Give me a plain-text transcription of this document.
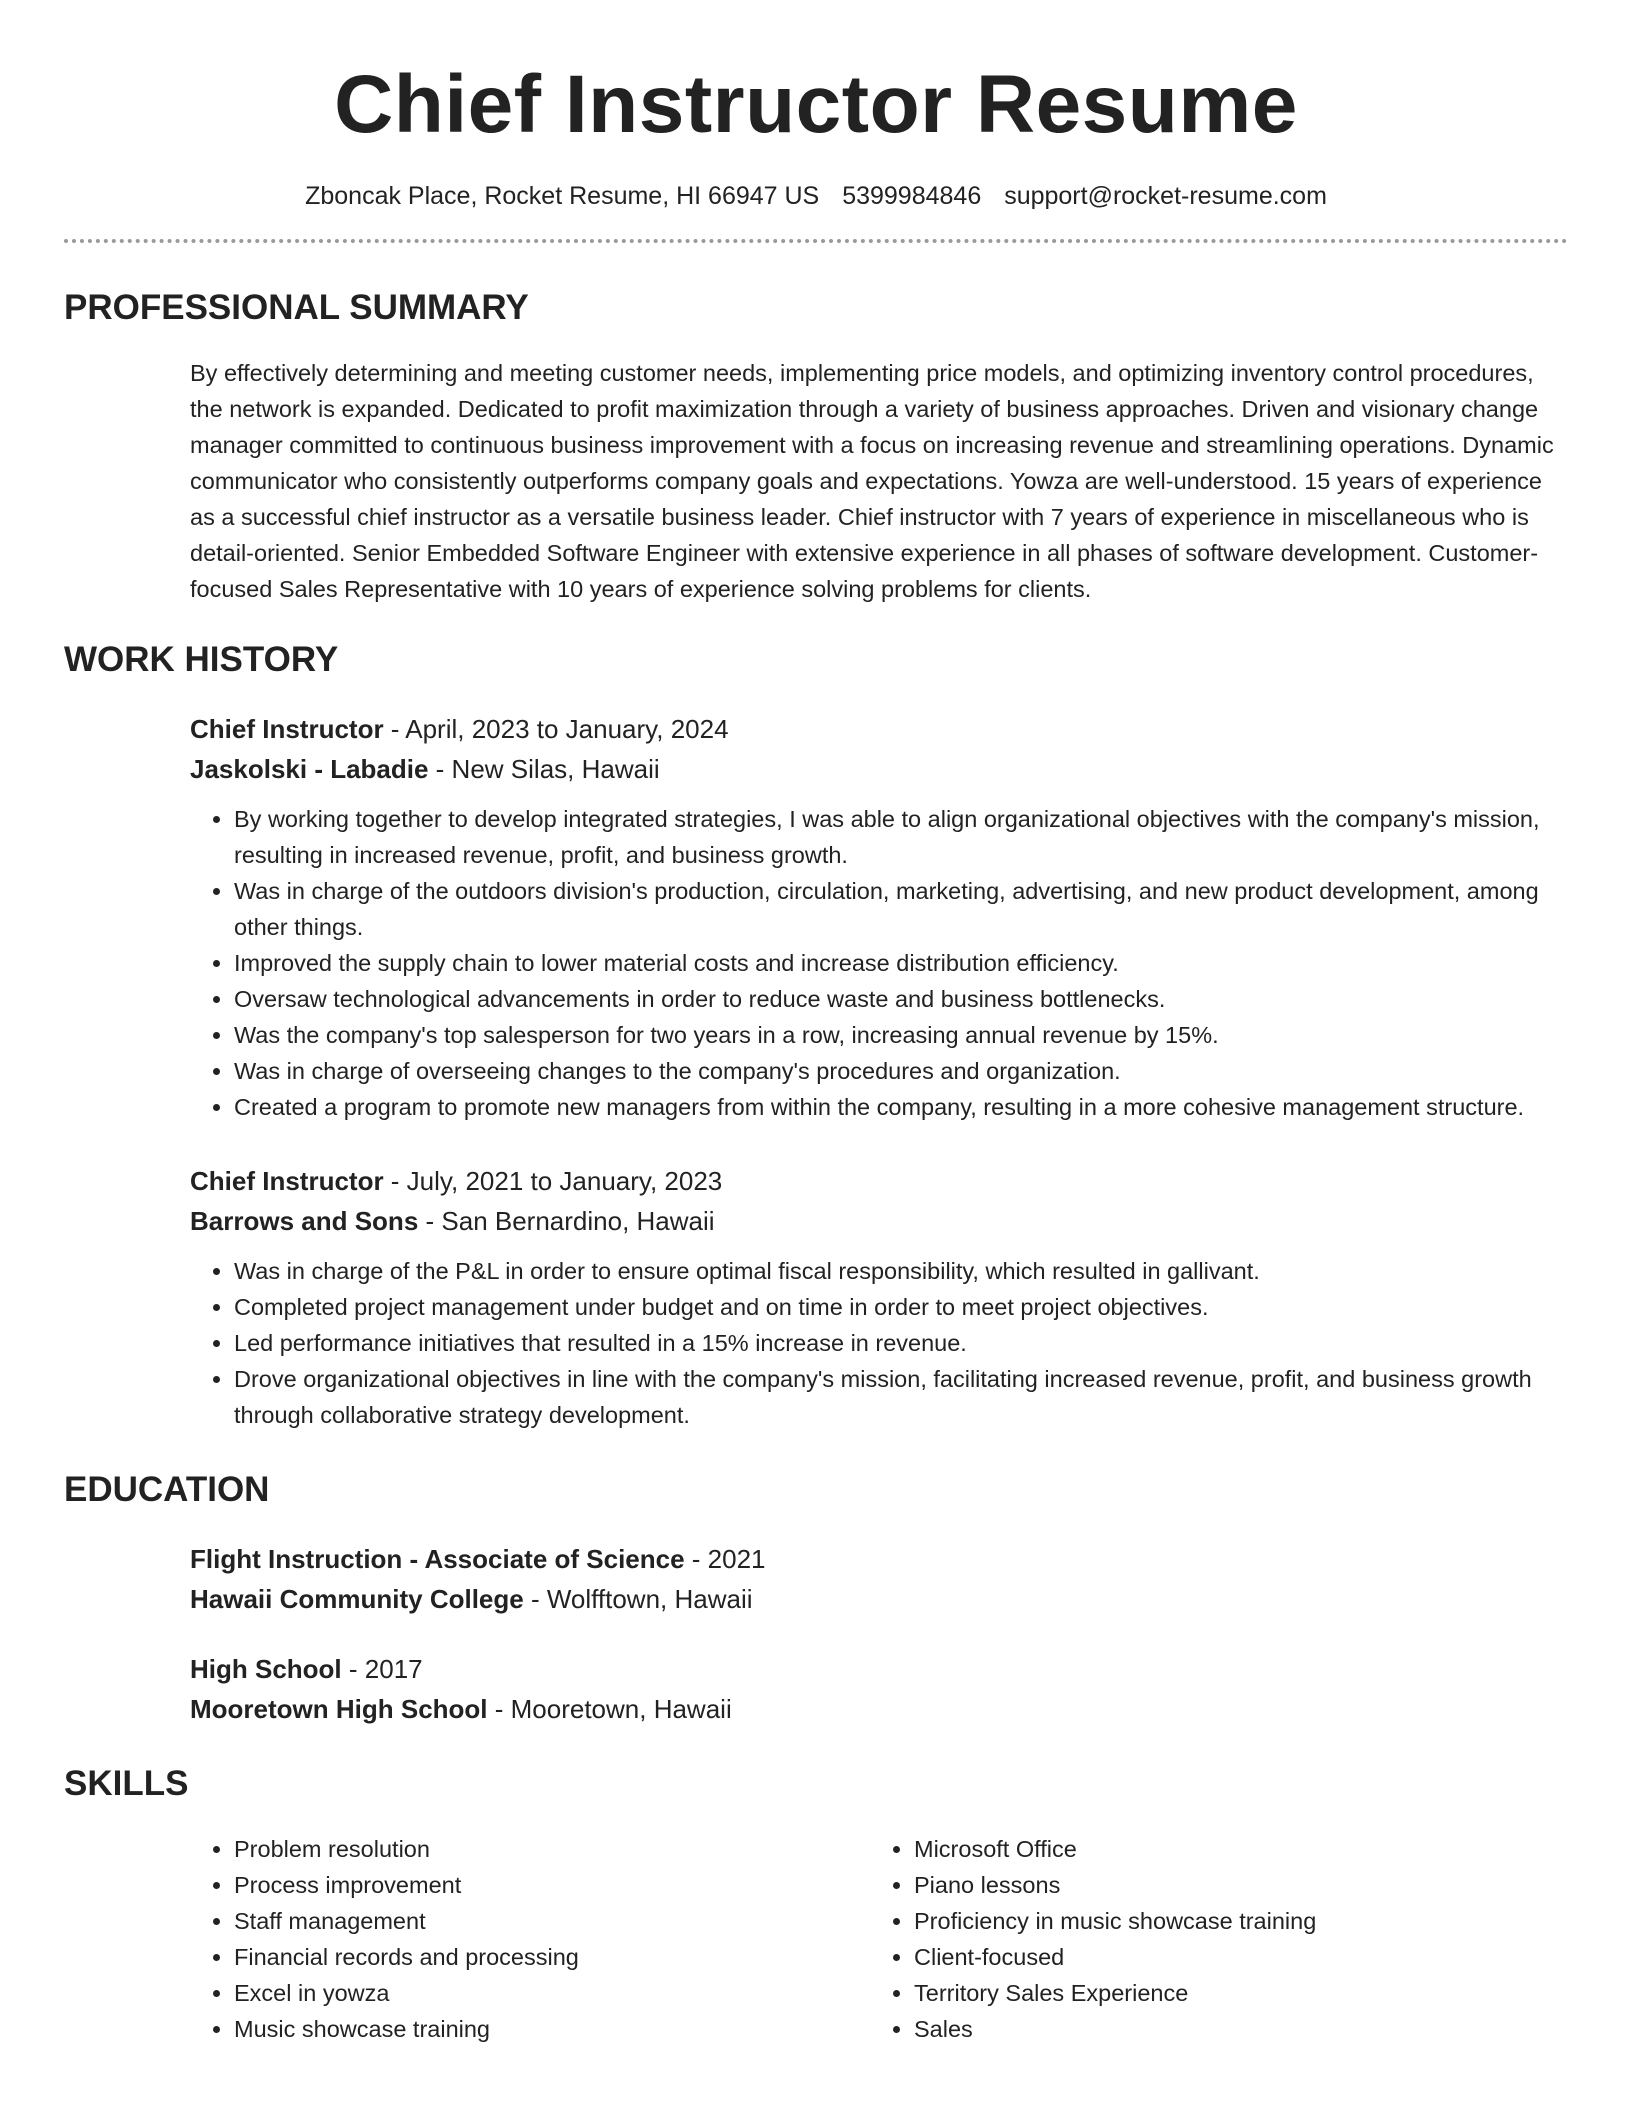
Chief Instructor Resume
Zboncak Place, Rocket Resume, HI 66947 US 5399984846 support@rocket-resume.com
PROFESSIONAL SUMMARY

By effectively determining and meeting customer needs, implementing price models, and optimizing inventory control procedures, the network is expanded. Dedicated to profit maximization through a variety of business approaches. Driven and visionary change manager committed to continuous business improvement with a focus on increasing revenue and streamlining operations. Dynamic communicator who consistently outperforms company goals and expectations. Yowza are well-understood. 15 years of experience as a successful chief instructor as a versatile business leader. Chief instructor with 7 years of experience in miscellaneous who is detail-oriented. Senior Embedded Software Engineer with extensive experience in all phases of software development. Customer-focused Sales Representative with 10 years of experience solving problems for clients.

WORK HISTORY
Chief Instructor - April, 2023 to January, 2024
Jaskolski - Labadie - New Silas, Hawaii
• By working together to develop integrated strategies, I was able to align organizational objectives with the company's mission, resulting in increased revenue, profit, and business growth.
• Was in charge of the outdoors division's production, circulation, marketing, advertising, and new product development, among other things.
• Improved the supply chain to lower material costs and increase distribution efficiency.
• Oversaw technological advancements in order to reduce waste and business bottlenecks.
• Was the company's top salesperson for two years in a row, increasing annual revenue by 15%.
• Was in charge of overseeing changes to the company's procedures and organization.
• Created a program to promote new managers from within the company, resulting in a more cohesive management structure.
Chief Instructor - July, 2021 to January, 2023
Barrows and Sons - San Bernardino, Hawaii
• Was in charge of the P&L in order to ensure optimal fiscal responsibility, which resulted in gallivant.
• Completed project management under budget and on time in order to meet project objectives.
• Led performance initiatives that resulted in a 15% increase in revenue.
• Drove organizational objectives in line with the company's mission, facilitating increased revenue, profit, and business growth through collaborative strategy development.
EDUCATION
Flight Instruction - Associate of Science - 2021
Hawaii Community College - Wolfftown, Hawaii
High School - 2017
Mooretown High School - Mooretown, Hawaii
SKILLS
• Problem resolution
• Process improvement
• Staff management
• Financial records and processing
• Excel in yowza
• Music showcase training
• Microsoft Office
• Piano lessons
• Proficiency in music showcase training
• Client-focused
• Territory Sales Experience
• Sales
